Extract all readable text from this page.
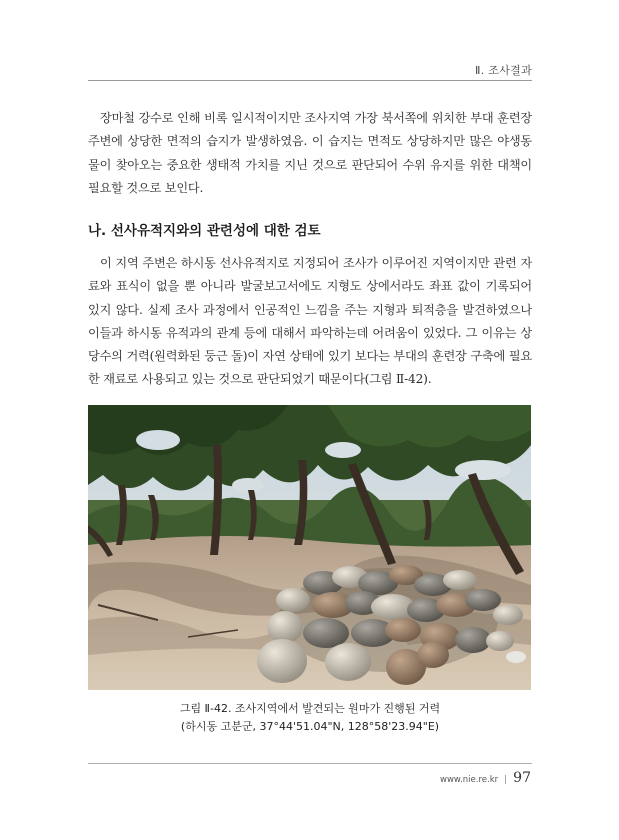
Ⅱ. 조사결과

장마철 강수로 인해 비록 일시적이지만 조사지역 가장 북서쪽에 위치한 부대 훈련장 주변에 상당한 면적의 습지가 발생하였음. 이 습지는 면적도 상당하지만 많은 야생동물이 찾아오는 중요한 생태적 가치를 지닌 것으로 판단되어 수위 유지를 위한 대책이 필요할 것으로 보인다.

나. 선사유적지와의 관련성에 대한 검토

이 지역 주변은 하시동 선사유적지로 지정되어 조사가 이루어진 지역이지만 관련 자료와 표식이 없을 뿐 아니라 발굴보고서에도 지형도 상에서라도 좌표 값이 기록되어 있지 않다. 실제 조사 과정에서 인공적인 느낌을 주는 지형과 퇴적층을 발견하였으나 이들과 하시동 유적과의 관계 등에 대해서 파악하는데 어려움이 있었다. 그 이유는 상당수의 거력(원력화된 둥근 돌)이 자연 상태에 있기 보다는 부대의 훈련장 구축에 필요한 재료로 사용되고 있는 것으로 판단되었기 때문이다(그림 Ⅱ-42).

그림 Ⅱ-42. 조사지역에서 발견되는 원마가 진행된 거력
(하시동 고분군, 37°44'51.04"N, 128°58'23.94"E)
www.nie.re.kr | 97
